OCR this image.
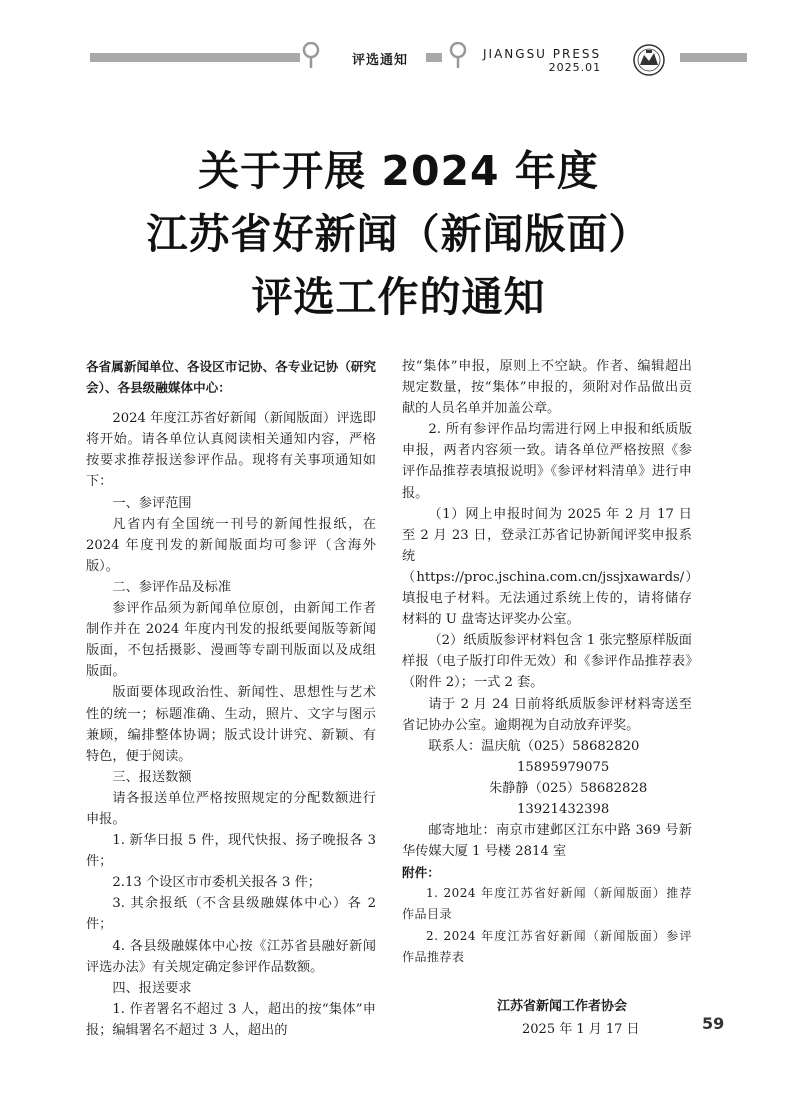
评选通知	JIANGSU PRESS
2025.01
关于开展 2024 年度
江苏省好新闻（新闻版面）
评选工作的通知

各省属新闻单位、各设区市记协、各专业记协（研究会）、各县级融媒体中心：

2024 年度江苏省好新闻（新闻版面）评选即将开始。请各单位认真阅读相关通知内容，严格按要求推荐报送参评作品。现将有关事项通知如下：

一、参评范围

凡省内有全国统一刊号的新闻性报纸，在 2024 年度刊发的新闻版面均可参评（含海外版）。

二、参评作品及标准

参评作品须为新闻单位原创，由新闻工作者制作并在 2024 年度内刊发的报纸要闻版等新闻版面，不包括摄影、漫画等专副刊版面以及成组版面。

版面要体现政治性、新闻性、思想性与艺术性的统一；标题准确、生动，照片、文字与图示兼顾，编排整体协调；版式设计讲究、新颖、有特色，便于阅读。

三、报送数额

请各报送单位严格按照规定的分配数额进行申报。

1. 新华日报 5 件，现代快报、扬子晚报各 3 件；

2.13 个设区市市委机关报各 3 件；

3. 其余报纸（不含县级融媒体中心）各 2 件；

4. 各县级融媒体中心按《江苏省县融好新闻评选办法》有关规定确定参评作品数额。

四、报送要求

1. 作者署名不超过 3 人，超出的按“集体”申报；编辑署名不超过 3 人，超出的

按“集体”申报，原则上不空缺。作者、编辑超出规定数量，按“集体”申报的，须附对作品做出贡献的人员名单并加盖公章。

2. 所有参评作品均需进行网上申报和纸质版申报，两者内容须一致。请各单位严格按照《参评作品推荐表填报说明》《参评材料清单》进行申报。

（1）网上申报时间为 2025 年 2 月 17 日至 2 月 23 日，登录江苏省记协新闻评奖申报系统（https://proc.jschina.com.cn/jssjxawards/）填报电子材料。无法通过系统上传的，请将储存材料的 U 盘寄达评奖办公室。

（2）纸质版参评材料包含 1 张完整原样版面样报（电子版打印件无效）和《参评作品推荐表》（附件 2）；一式 2 套。

请于 2 月 24 日前将纸质版参评材料寄送至省记协办公室。逾期视为自动放弃评奖。

联系人：温庆航（025）58682820

15895979075

朱静静（025）58682828

13921432398

邮寄地址：南京市建邺区江东中路 369 号新华传媒大厦 1 号楼 2814 室

附件：

1. 2024 年度江苏省好新闻（新闻版面）推荐作品目录

2. 2024 年度江苏省好新闻（新闻版面）参评作品推荐表

江苏省新闻工作者协会
2025 年 1 月 17 日	59
